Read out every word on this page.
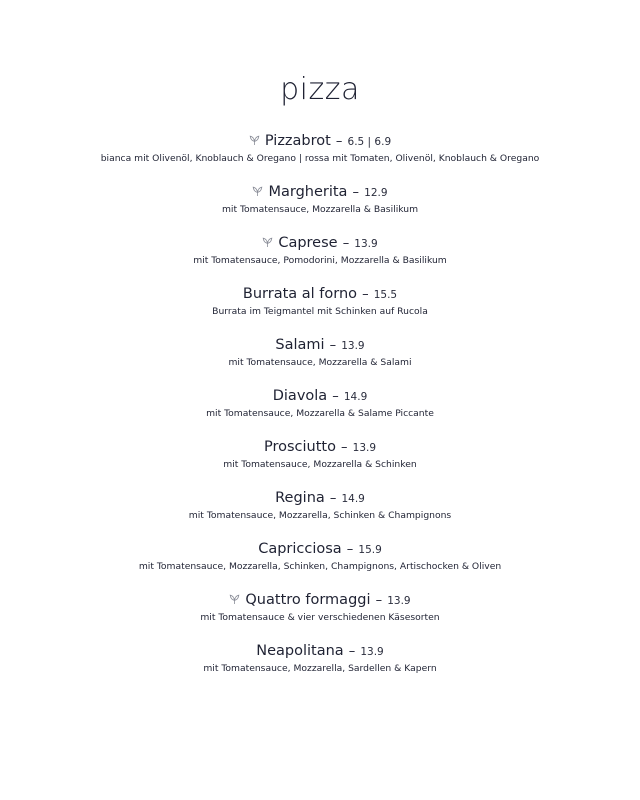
pizza
Pizzabrot – 6.5 | 6.9
bianca mit Olivenöl, Knoblauch & Oregano | rossa mit Tomaten, Olivenöl, Knoblauch & Oregano
Margherita – 12.9
mit Tomatensauce, Mozzarella & Basilikum
Caprese – 13.9
mit Tomatensauce, Pomodorini, Mozzarella & Basilikum
Burrata al forno – 15.5
Burrata im Teigmantel mit Schinken auf Rucola
Salami – 13.9
mit Tomatensauce, Mozzarella & Salami
Diavola – 14.9
mit Tomatensauce, Mozzarella & Salame Piccante
Prosciutto – 13.9
mit Tomatensauce, Mozzarella & Schinken
Regina – 14.9
mit Tomatensauce, Mozzarella, Schinken & Champignons
Capricciosa – 15.9
mit Tomatensauce, Mozzarella, Schinken, Champignons, Artischocken & Oliven
Quattro formaggi – 13.9
mit Tomatensauce & vier verschiedenen Käsesorten
Neapolitana – 13.9
mit Tomatensauce, Mozzarella, Sardellen & Kapern
